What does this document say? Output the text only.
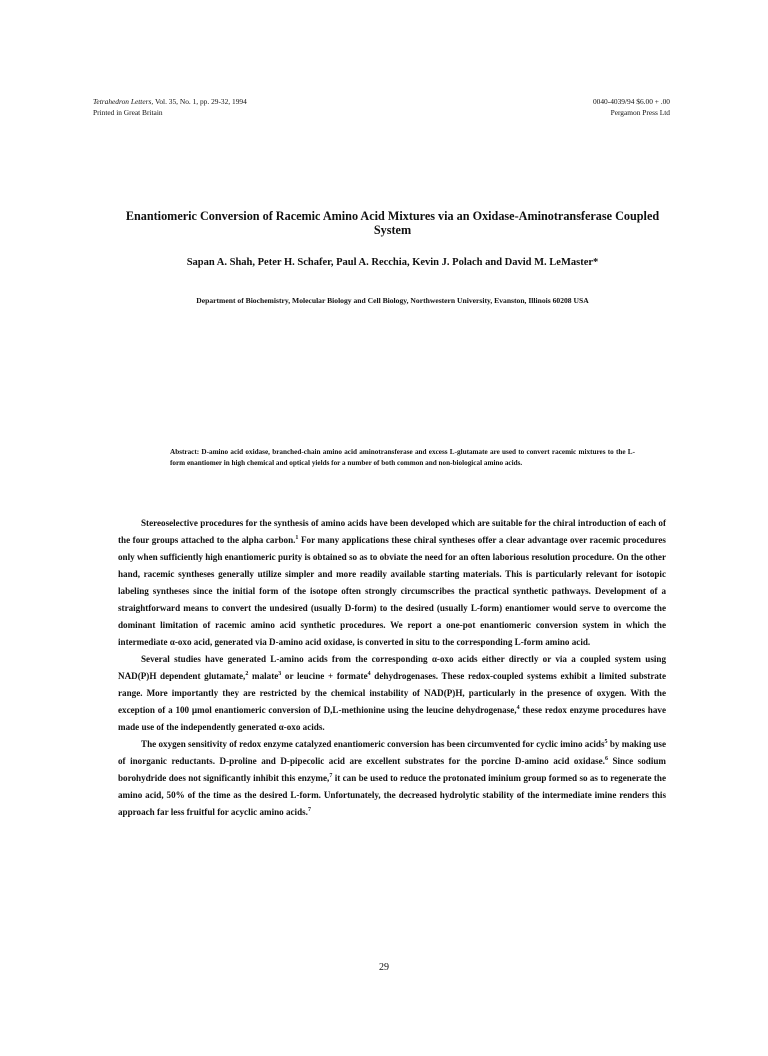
Tetrahedron Letters, Vol. 35, No. 1, pp. 29-32, 1994
Printed in Great Britain
0040-4039/94 $6.00 + .00
Pergamon Press Ltd
Enantiomeric Conversion of Racemic Amino Acid Mixtures via an Oxidase-Aminotransferase Coupled System
Sapan A. Shah, Peter H. Schafer, Paul A. Recchia, Kevin J. Polach and David M. LeMaster*
Department of Biochemistry, Molecular Biology and Cell Biology, Northwestern University, Evanston, Illinois 60208 USA
Abstract: D-amino acid oxidase, branched-chain amino acid aminotransferase and excess L-glutamate are used to convert racemic mixtures to the L-form enantiomer in high chemical and optical yields for a number of both common and non-biological amino acids.

Stereoselective procedures for the synthesis of amino acids have been developed which are suitable for the chiral introduction of each of the four groups attached to the alpha carbon.$^1$ For many applications these chiral syntheses offer a clear advantage over racemic procedures only when sufficiently high enantiomeric purity is obtained so as to obviate the need for an often laborious resolution procedure. On the other hand, racemic syntheses generally utilize simpler and more readily available starting materials. This is particularly relevant for isotopic labeling syntheses since the initial form of the isotope often strongly circumscribes the practical synthetic pathways. Development of a straightforward means to convert the undesired (usually D-form) to the desired (usually L-form) enantiomer would serve to overcome the dominant limitation of racemic amino acid synthetic procedures. We report a one-pot enantiomeric conversion system in which the intermediate α-oxo acid, generated via D-amino acid oxidase, is converted in situ to the corresponding L-form amino acid.

Several studies have generated L-amino acids from the corresponding α-oxo acids either directly or via a coupled system using NAD(P)H dependent glutamate,$^2$ malate$^3$ or leucine + formate$^4$ dehydrogenases. These redox-coupled systems exhibit a limited substrate range. More importantly they are restricted by the chemical instability of NAD(P)H, particularly in the presence of oxygen. With the exception of a 100 µmol enantiomeric conversion of D,L-methionine using the leucine dehydrogenase,$^4$ these redox enzyme procedures have made use of the independently generated α-oxo acids.

The oxygen sensitivity of redox enzyme catalyzed enantiomeric conversion has been circumvented for cyclic imino acids$^5$ by making use of inorganic reductants. D-proline and D-pipecolic acid are excellent substrates for the porcine D-amino acid oxidase.$^6$ Since sodium borohydride does not significantly inhibit this enzyme,$^7$ it can be used to reduce the protonated iminium group formed so as to regenerate the amino acid, 50% of the time as the desired L-form. Unfortunately, the decreased hydrolytic stability of the intermediate imine renders this approach far less fruitful for acyclic amino acids.$^7$

29
